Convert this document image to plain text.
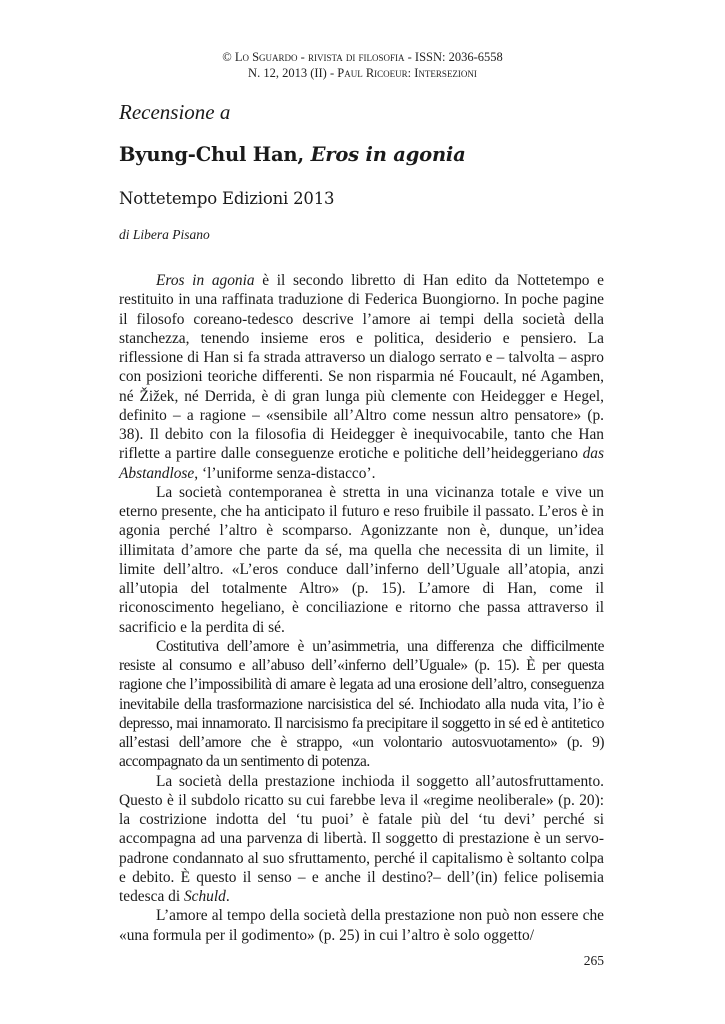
© Lo Sguardo - rivista di filosofia - ISSN: 2036-6558
N. 12, 2013 (II) - Paul Ricoeur: Intersezioni
Recensione a
Byung-Chul Han, Eros in agonia
Nottetempo Edizioni 2013
di Libera Pisano

Eros in agonia è il secondo libretto di Han edito da Nottetempo e restituito in una raffinata traduzione di Federica Buongiorno. In poche pagine il filosofo coreano-tedesco descrive l’amore ai tempi della società della stanchezza, tenendo insieme eros e politica, desiderio e pensiero. La riflessione di Han si fa strada attraverso un dialogo serrato e – talvolta – aspro con posizioni teoriche differenti. Se non risparmia né Foucault, né Agamben, né Žižek, né Derrida, è di gran lunga più clemente con Heidegger e Hegel, definito – a ragione – «sensibile all’Altro come nessun altro pensatore» (p. 38). Il debito con la filosofia di Heidegger è inequivocabile, tanto che Han riflette a partire dalle conseguenze erotiche e politiche dell’heideggeriano das Abstandlose, ‘l’uniforme senza-distacco’.

La società contemporanea è stretta in una vicinanza totale e vive un eterno presente, che ha anticipato il futuro e reso fruibile il passato. L’eros è in agonia perché l’altro è scomparso. Agonizzante non è, dunque, un’idea illimitata d’amore che parte da sé, ma quella che necessita di un limite, il limite dell’altro. «L’eros conduce dall’inferno dell’Uguale all’atopia, anzi all’utopia del totalmente Altro» (p. 15). L’amore di Han, come il riconoscimento hegeliano, è conciliazione e ritorno che passa attraverso il sacrificio e la perdita di sé.

Costitutiva dell’amore è un’asimmetria, una differenza che difficilmente resiste al consumo e all’abuso dell’«inferno dell’Uguale» (p. 15). È per questa ragione che l’impossibilità di amare è legata ad una erosione dell’altro, conseguenza inevitabile della trasformazione narcisistica del sé. Inchiodato alla nuda vita, l’io è depresso, mai innamorato. Il narcisismo fa precipitare il soggetto in sé ed è antitetico all’estasi dell’amore che è strappo, «un volontario autosvuotamento» (p. 9) accompagnato da un sentimento di potenza.

La società della prestazione inchioda il soggetto all’autosfruttamento. Questo è il subdolo ricatto su cui farebbe leva il «regime neoliberale» (p. 20): la costrizione indotta del ‘tu puoi’ è fatale più del ‘tu devi’ perché si accompagna ad una parvenza di libertà. Il soggetto di prestazione è un servo-padrone condannato al suo sfruttamento, perché il capitalismo è soltanto colpa e debito. È questo il senso – e anche il destino?– dell’(in) felice polisemia tedesca di Schuld.

L’amore al tempo della società della prestazione non può non essere che «una formula per il godimento» (p. 25) in cui l’altro è solo oggetto/

265
